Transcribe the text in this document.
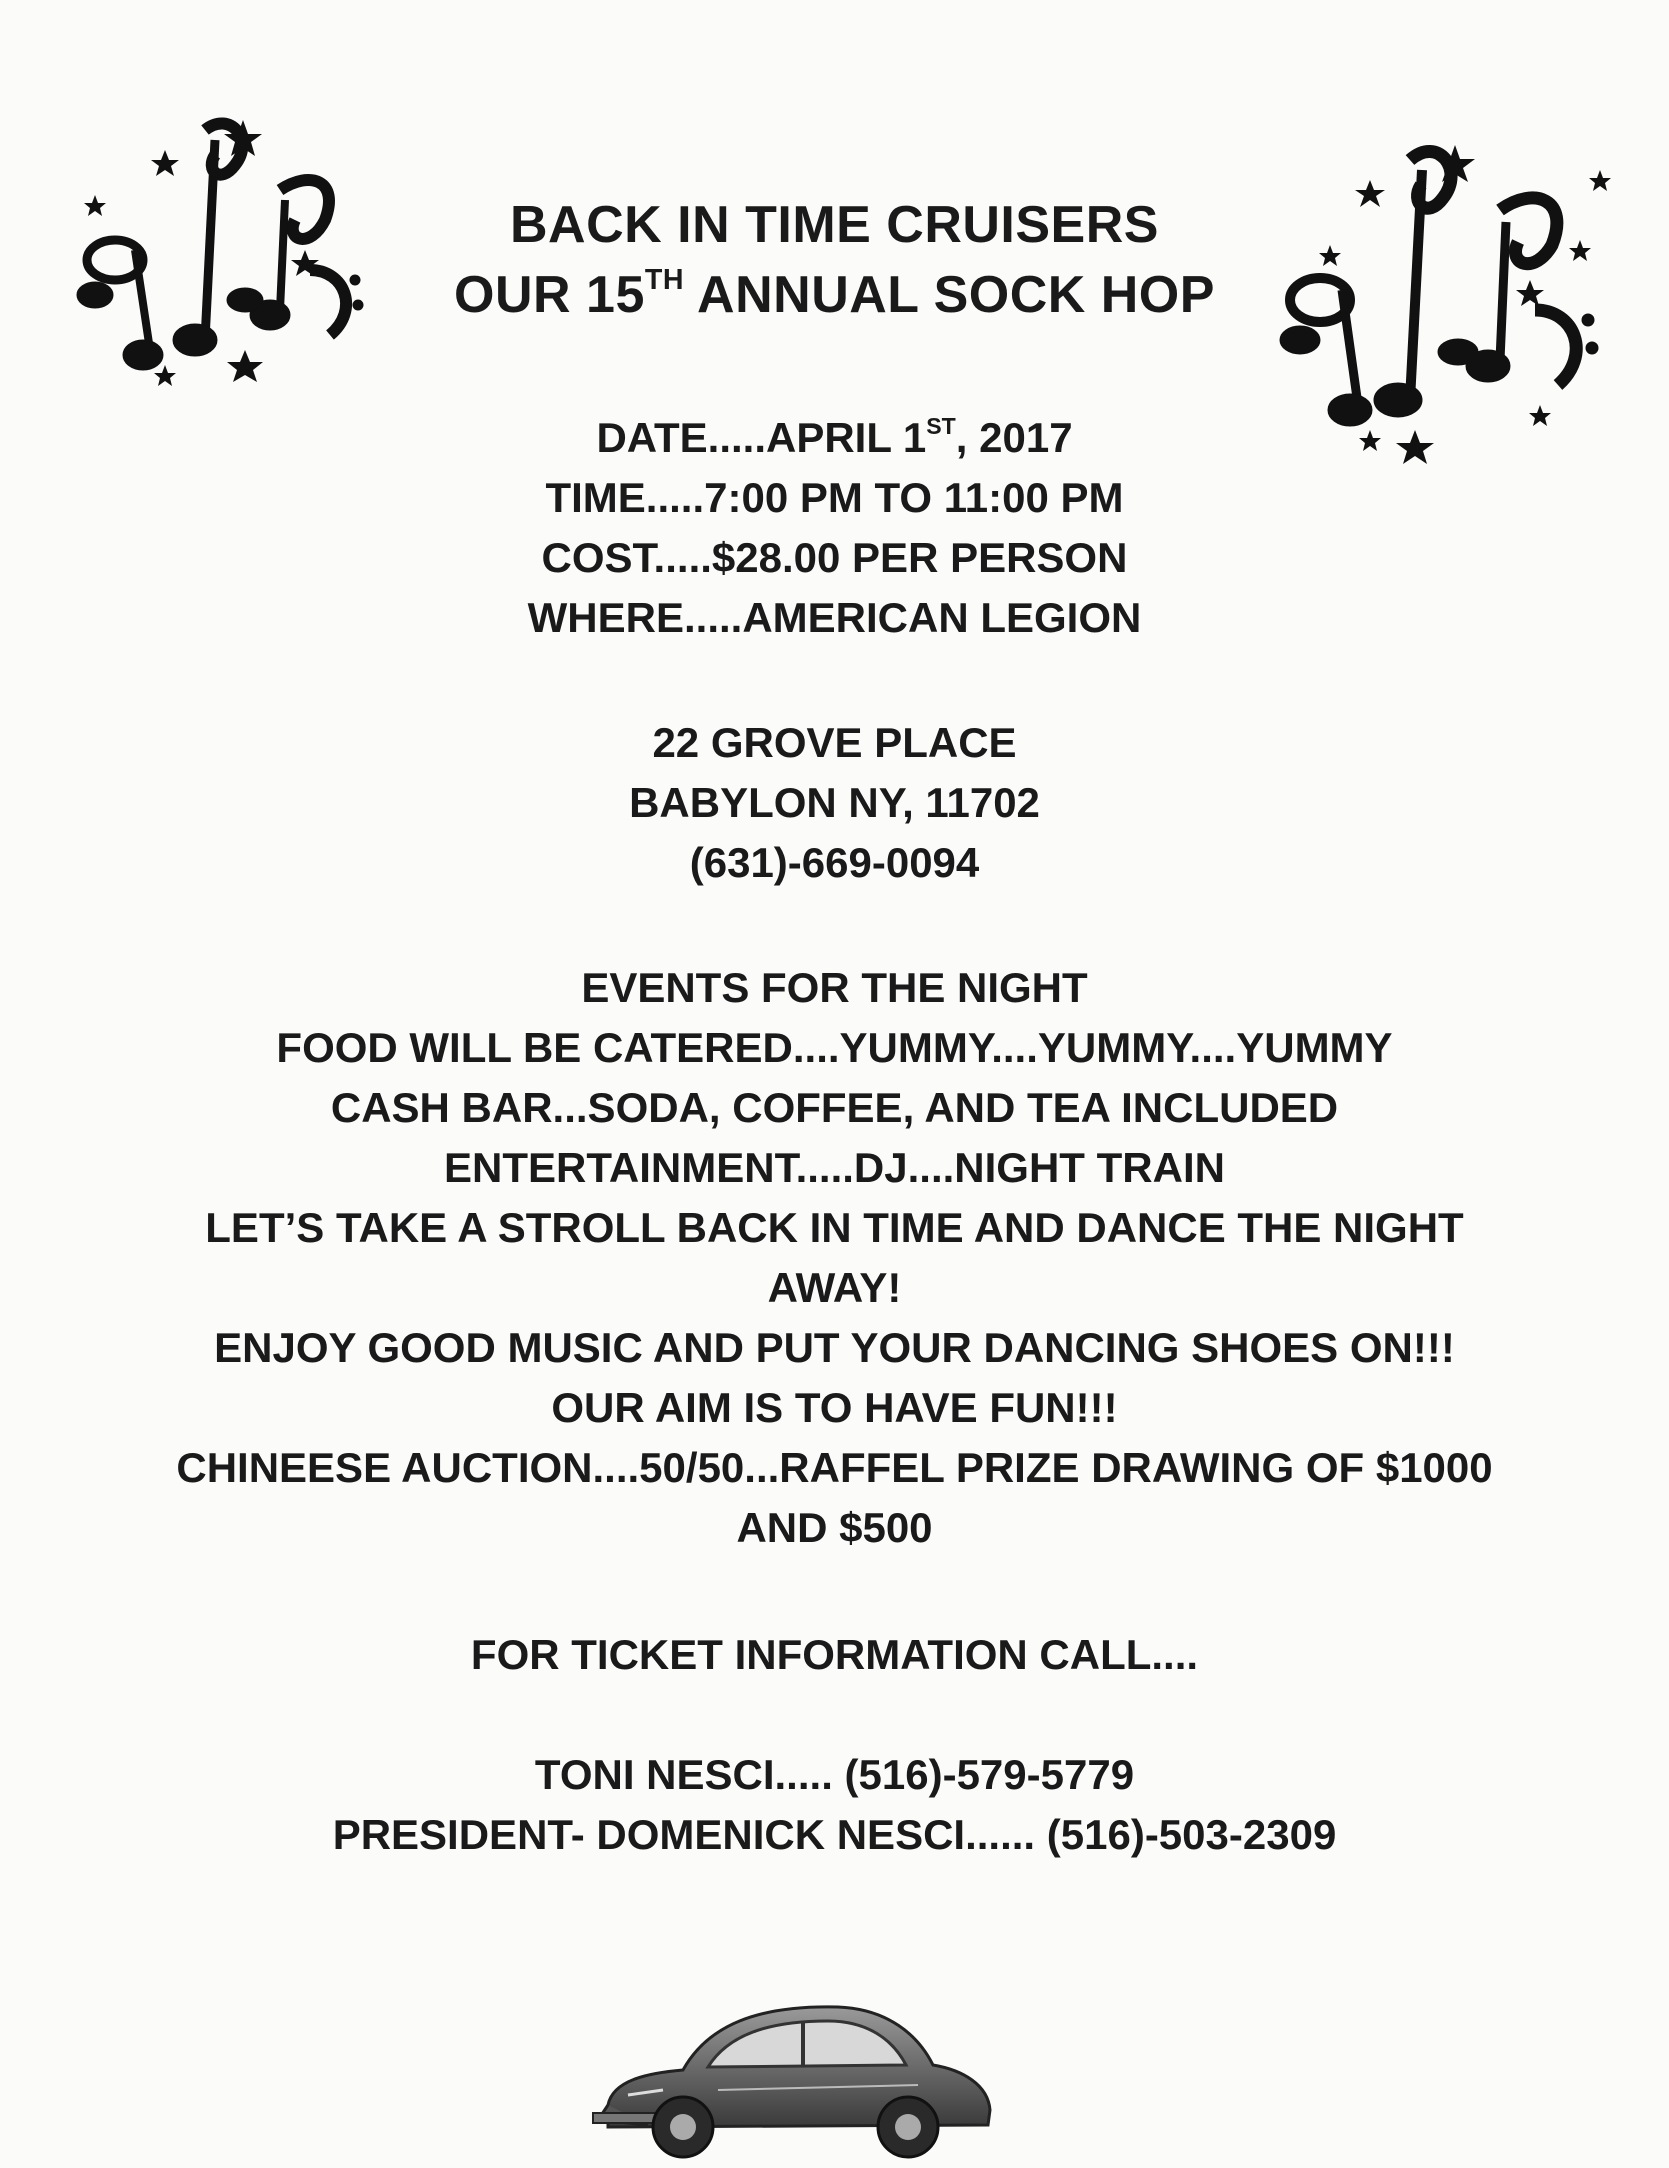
BACK IN TIME CRUISERS
OUR 15TH ANNUAL SOCK HOP
DATE.....APRIL 1ST, 2017
TIME.....7:00 PM TO 11:00 PM
COST.....$28.00 PER PERSON
WHERE.....AMERICAN LEGION
22 GROVE PLACE
BABYLON NY, 11702
(631)-669-0094
EVENTS FOR THE NIGHT
FOOD WILL BE CATERED....YUMMY....YUMMY....YUMMY
CASH BAR...SODA, COFFEE, AND TEA INCLUDED
ENTERTAINMENT.....DJ....NIGHT TRAIN
LET’S TAKE A STROLL BACK IN TIME AND DANCE THE NIGHT
AWAY!
ENJOY GOOD MUSIC AND PUT YOUR DANCING SHOES ON!!!
OUR AIM IS TO HAVE FUN!!!
CHINEESE AUCTION....50/50...RAFFEL PRIZE DRAWING OF $1000
AND $500
FOR TICKET INFORMATION CALL....
TONI NESCI..... (516)-579-5779
PRESIDENT- DOMENICK NESCI...... (516)-503-2309
